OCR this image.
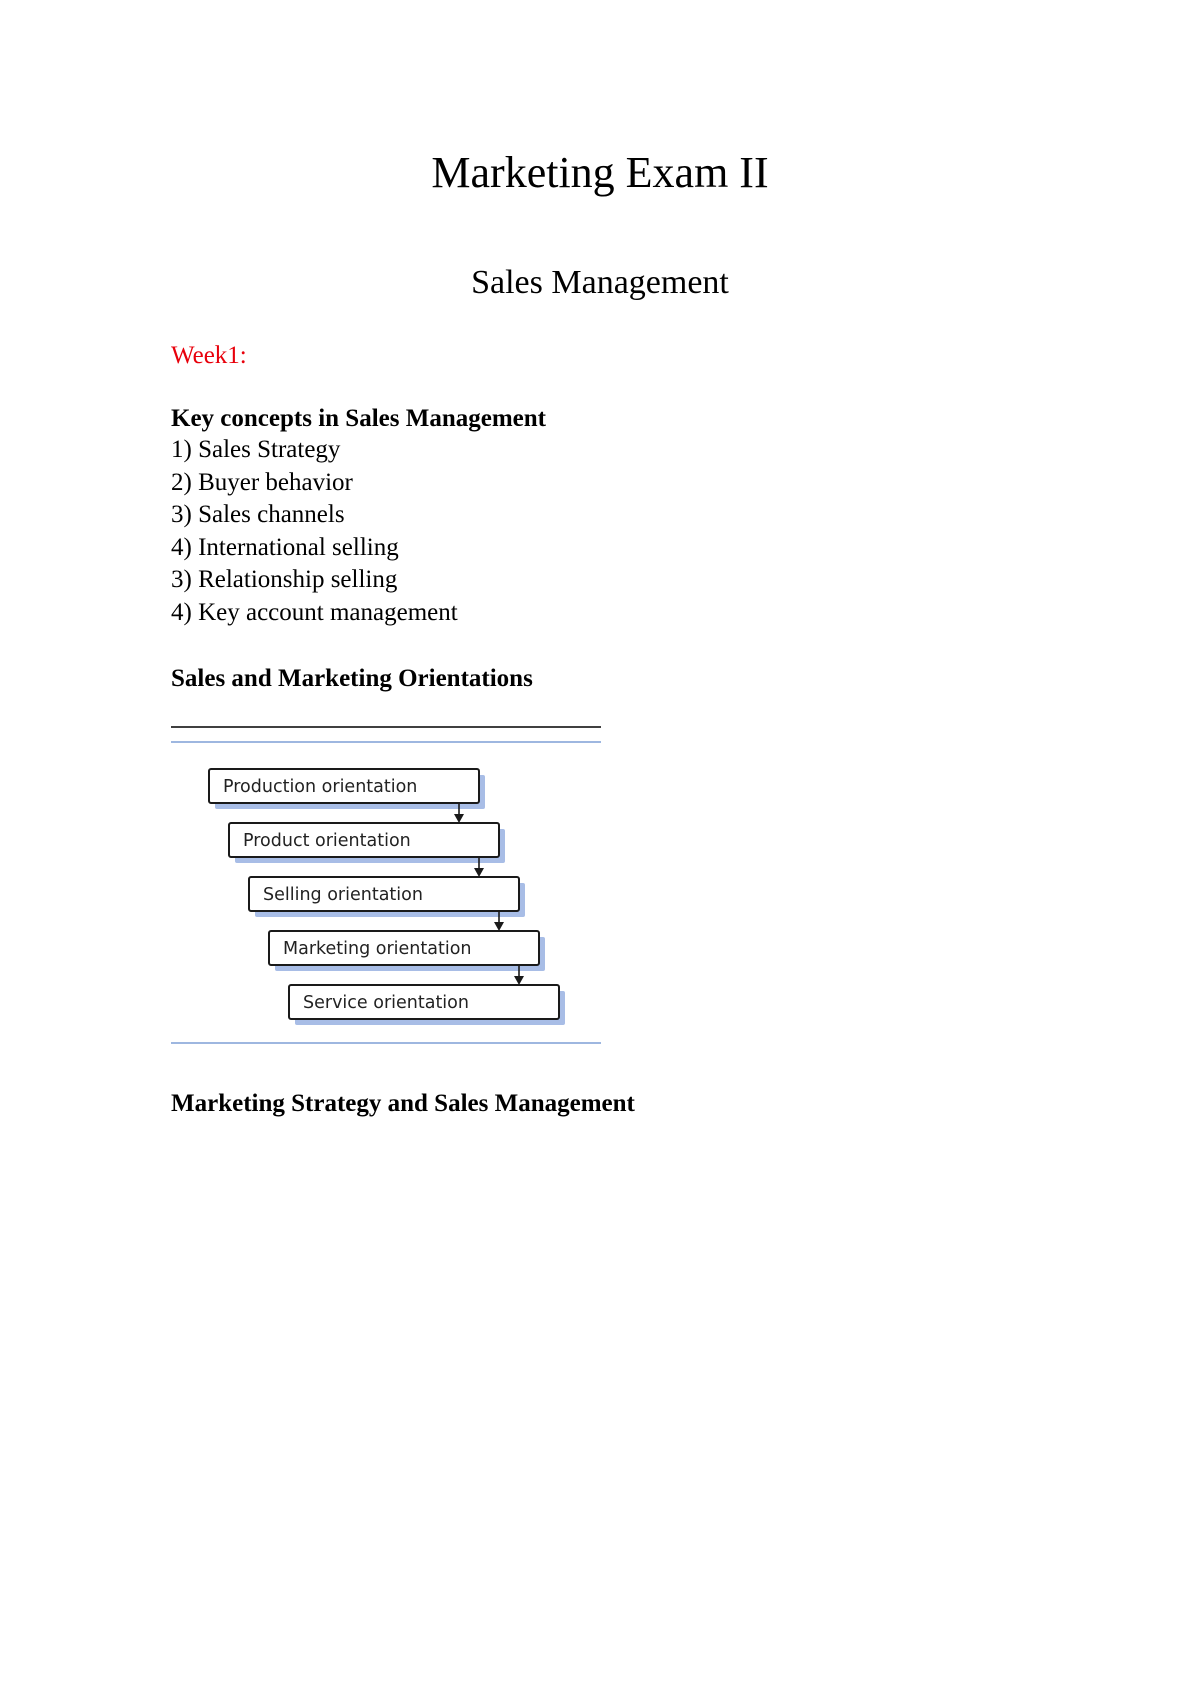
Marketing Exam II
Sales Management
Week1:
Key concepts in Sales Management
1) Sales Strategy
2) Buyer behavior
3) Sales channels
4) International selling
3) Relationship selling
4) Key account management
Sales and Marketing Orientations
Production orientation
Product orientation
Selling orientation
Marketing orientation
Service orientation
Marketing Strategy and Sales Management
